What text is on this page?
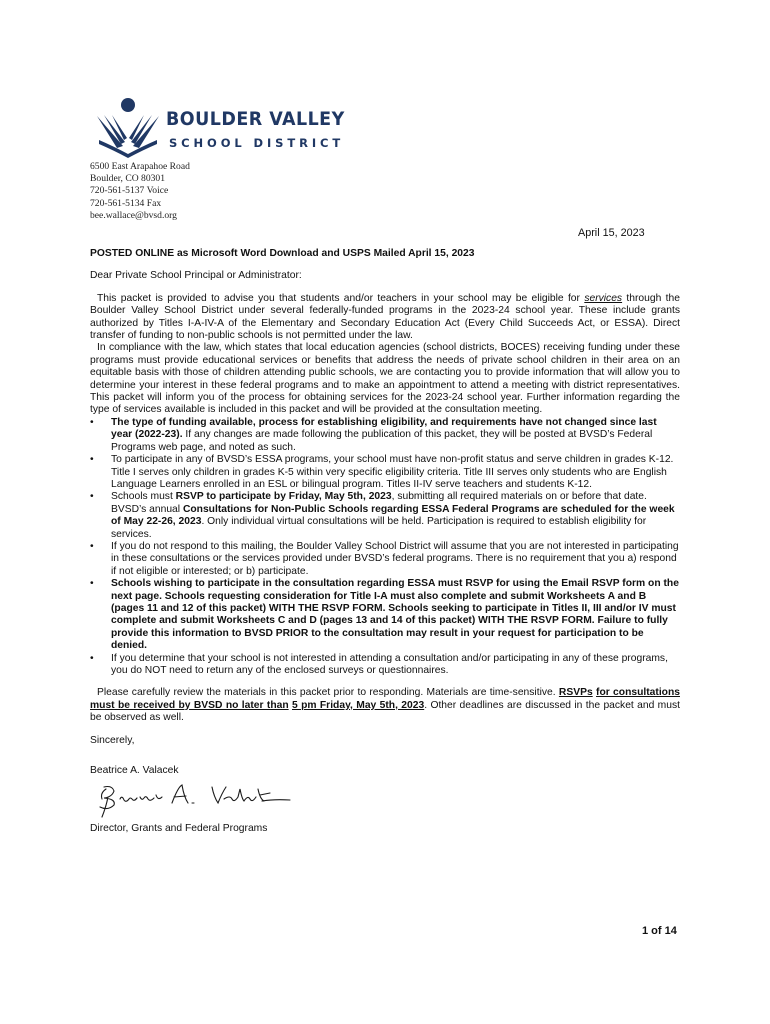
BOULDER VALLEY
SCHOOL DISTRICT
6500 East Arapahoe Road
Boulder, CO 80301
720-561-5137 Voice
720-561-5134 Fax
bee.wallace@bvsd.org
April 15, 2023

POSTED ONLINE as Microsoft Word Download and USPS Mailed April 15, 2023

Dear Private School Principal or Administrator:

This packet is provided to advise you that students and/or teachers in your school may be eligible for services through the Boulder Valley School District under several federally-funded programs in the 2023-24 school year. These include grants authorized by Titles I-A-IV-A of the Elementary and Secondary Education Act (Every Child Succeeds Act, or ESSA). Direct transfer of funding to non-public schools is not permitted under the law.

In compliance with the law, which states that local education agencies (school districts, BOCES) receiving funding under these programs must provide educational services or benefits that address the needs of private school children in their area on an equitable basis with those of children attending public schools, we are contacting you to provide information that will allow you to determine your interest in these federal programs and to make an appointment to attend a meeting with district representatives. This packet will inform you of the process for obtaining services for the 2023-24 school year. Further information regarding the type of services available is included in this packet and will be provided at the consultation meeting.

• The type of funding available, process for establishing eligibility, and requirements have not changed since last year (2022-23). If any changes are made following the publication of this packet, they will be posted at BVSD’s Federal Programs web page, and noted as such.
• To participate in any of BVSD’s ESSA programs, your school must have non-profit status and serve children in grades K-12. Title I serves only children in grades K-5 within very specific eligibility criteria. Title III serves only students who are English Language Learners enrolled in an ESL or bilingual program. Titles II-IV serve teachers and students K-12.
• Schools must RSVP to participate by Friday, May 5th, 2023, submitting all required materials on or before that date. BVSD’s annual Consultations for Non-Public Schools regarding ESSA Federal Programs are scheduled for the week of May 22-26, 2023. Only individual virtual consultations will be held. Participation is required to establish eligibility for services.
• If you do not respond to this mailing, the Boulder Valley School District will assume that you are not interested in participating in these consultations or the services provided under BVSD’s federal programs. There is no requirement that you a) respond if not eligible or interested; or b) participate.
• Schools wishing to participate in the consultation regarding ESSA must RSVP for using the Email RSVP form on the next page. Schools requesting consideration for Title I-A must also complete and submit Worksheets A and B (pages 11 and 12 of this packet) WITH THE RSVP FORM. Schools seeking to participate in Titles II, III and/or IV must complete and submit Worksheets C and D (pages 13 and 14 of this packet) WITH THE RSVP FORM. Failure to fully provide this information to BVSD PRIOR to the consultation may result in your request for participation to be denied.
• If you determine that your school is not interested in attending a consultation and/or participating in any of these programs, you do NOT need to return any of the enclosed surveys or questionnaires.

Please carefully review the materials in this packet prior to responding. Materials are time-sensitive. RSVPs for consultations must be received by BVSD no later than 5 pm Friday, May 5th, 2023. Other deadlines are discussed in the packet and must be observed as well.

Sincerely,

Beatrice A. Valacek

Director, Grants and Federal Programs

1 of 14
